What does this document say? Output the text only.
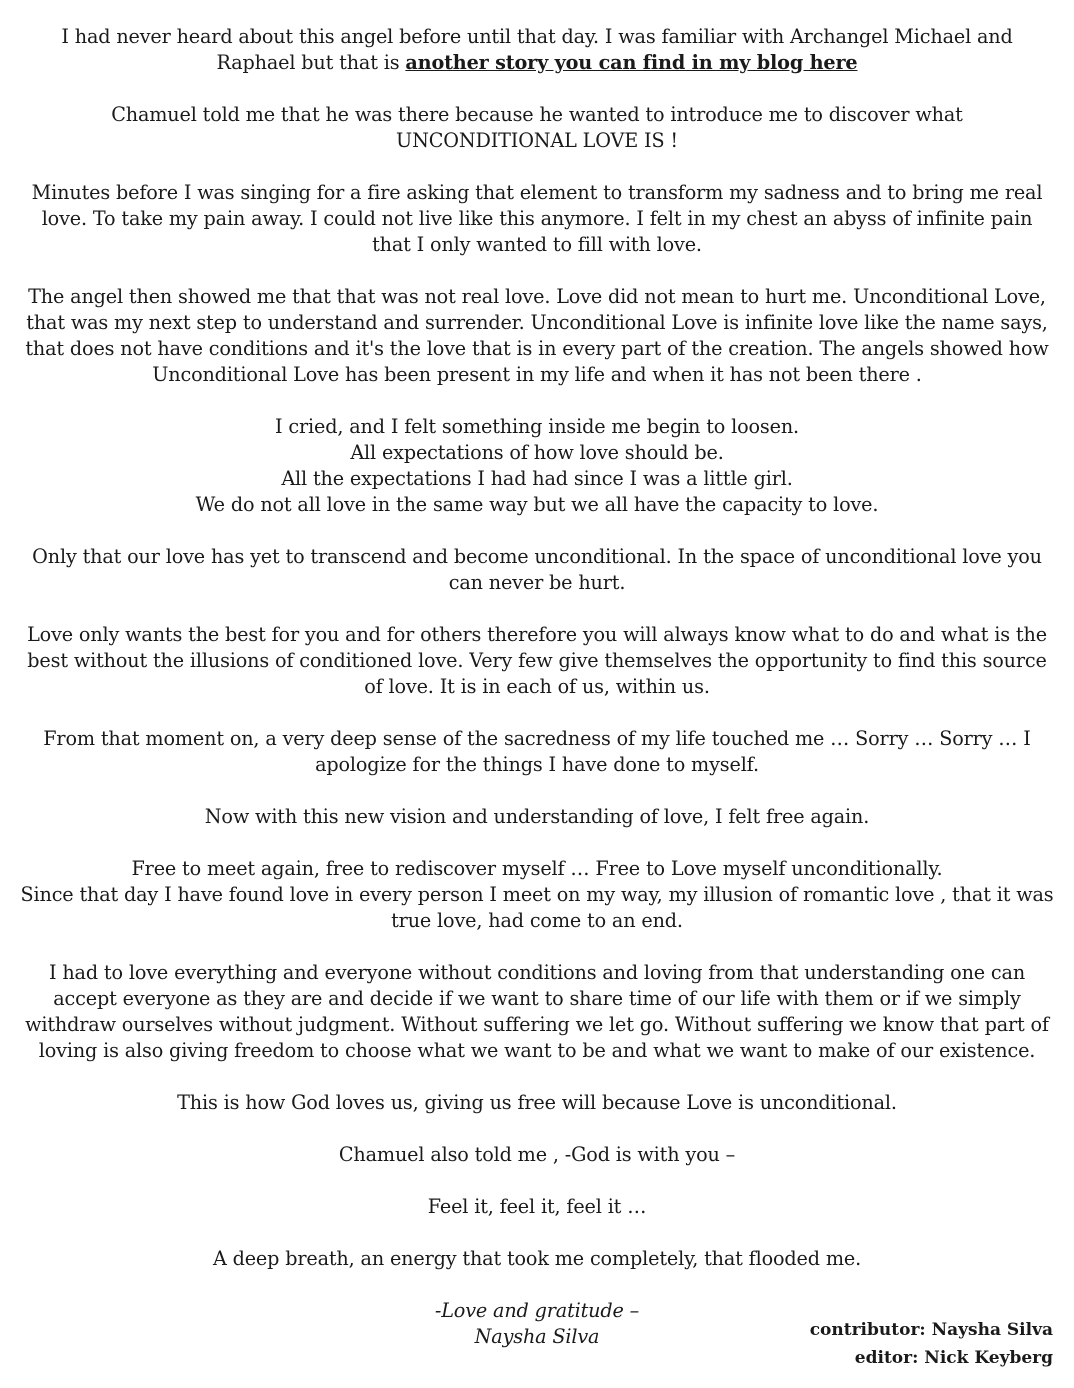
I had never heard about this angel before until that day. I was familiar with Archangel Michael and Raphael but that is another story you can find in my blog here

Chamuel told me that he was there because he wanted to introduce me to discover what
UNCONDITIONAL LOVE IS !

Minutes before I was singing for a fire asking that element to transform my sadness and to bring me real love. To take my pain away. I could not live like this anymore. I felt in my chest an abyss of infinite pain that I only wanted to fill with love.

The angel then showed me that that was not real love. Love did not mean to hurt me. Unconditional Love, that was my next step to understand and surrender. Unconditional Love is infinite love like the name says, that does not have conditions and it's the love that is in every part of the creation. The angels showed how Unconditional Love has been present in my life and when it has not been there .

I cried, and I felt something inside me begin to loosen.
All expectations of how love should be.
All the expectations I had had since I was a little girl.
We do not all love in the same way but we all have the capacity to love.

Only that our love has yet to transcend and become unconditional. In the space of unconditional love you can never be hurt.

Love only wants the best for you and for others therefore you will always know what to do and what is the best without the illusions of conditioned love. Very few give themselves the opportunity to find this source of love. It is in each of us, within us.

From that moment on, a very deep sense of the sacredness of my life touched me … Sorry … Sorry … I apologize for the things I have done to myself.

Now with this new vision and understanding of love, I felt free again.

Free to meet again, free to rediscover myself … Free to Love myself unconditionally.
Since that day I have found love in every person I meet on my way, my illusion of romantic love , that it was true love, had come to an end.

I had to love everything and everyone without conditions and loving from that understanding one can accept everyone as they are and decide if we want to share time of our life with them or if we simply withdraw ourselves without judgment. Without suffering we let go. Without suffering we know that part of loving is also giving freedom to choose what we want to be and what we want to make of our existence.

This is how God loves us, giving us free will because Love is unconditional.

Chamuel also told me , -God is with you –

Feel it, feel it, feel it …

A deep breath, an energy that took me completely, that flooded me.

-Love and gratitude –
Naysha Silva	contributor: Naysha Silva
editor: Nick Keyberg
